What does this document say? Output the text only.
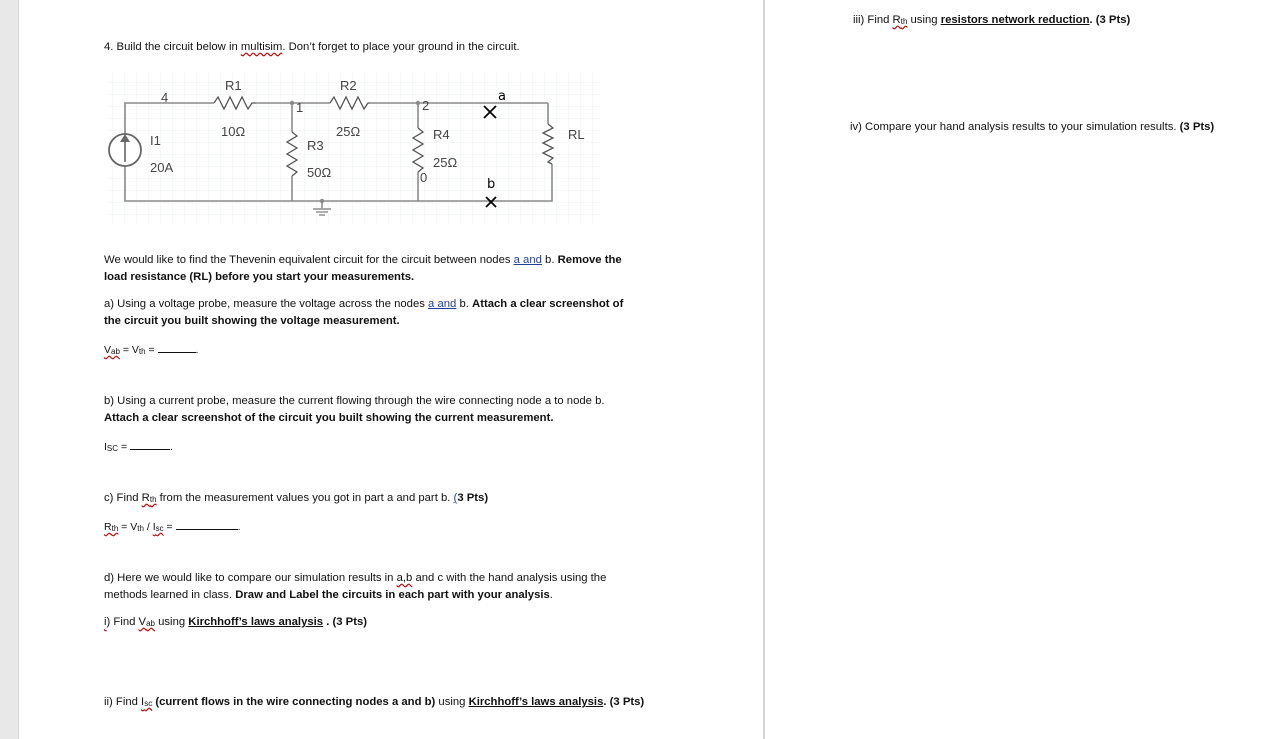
4. Build the circuit below in multisim. Don’t forget to place your ground in the circuit.
4
R1
10Ω
1
R2
25Ω
2
R3
50Ω
R4
25Ω
0
RL
I1
20A
a
b
We would like to find the Thevenin equivalent circuit for the circuit between nodes a and b. Remove the
load resistance (RL) before you start your measurements.
a) Using a voltage probe, measure the voltage across the nodes a and b. Attach a clear screenshot of
the circuit you built showing the voltage measurement.
$V_{ab} = V_{th}$ =	.
b) Using a current probe, measure the current flowing through the wire connecting node a to node b.
Attach a clear screenshot of the circuit you built showing the current measurement.
$I_{SC}$ =	.
c) Find $R_{th}$ from the measurement values you got in part a and part b. (3 Pts)
$R_{th} = V_{th} / I_{sc}$ =	.
d) Here we would like to compare our simulation results in a,b and c with the hand analysis using the
methods learned in class. Draw and Label the circuits in each part with your analysis.
i) Find $V_{ab}$ using Kirchhoff’s laws analysis . (3 Pts)
ii) Find $I_{sc}$ (current flows in the wire connecting nodes a and b) using Kirchhoff’s laws analysis. (3 Pts)
iii) Find $R_{th}$ using resistors network reduction. (3 Pts)
iv) Compare your hand analysis results to your simulation results. (3 Pts)
